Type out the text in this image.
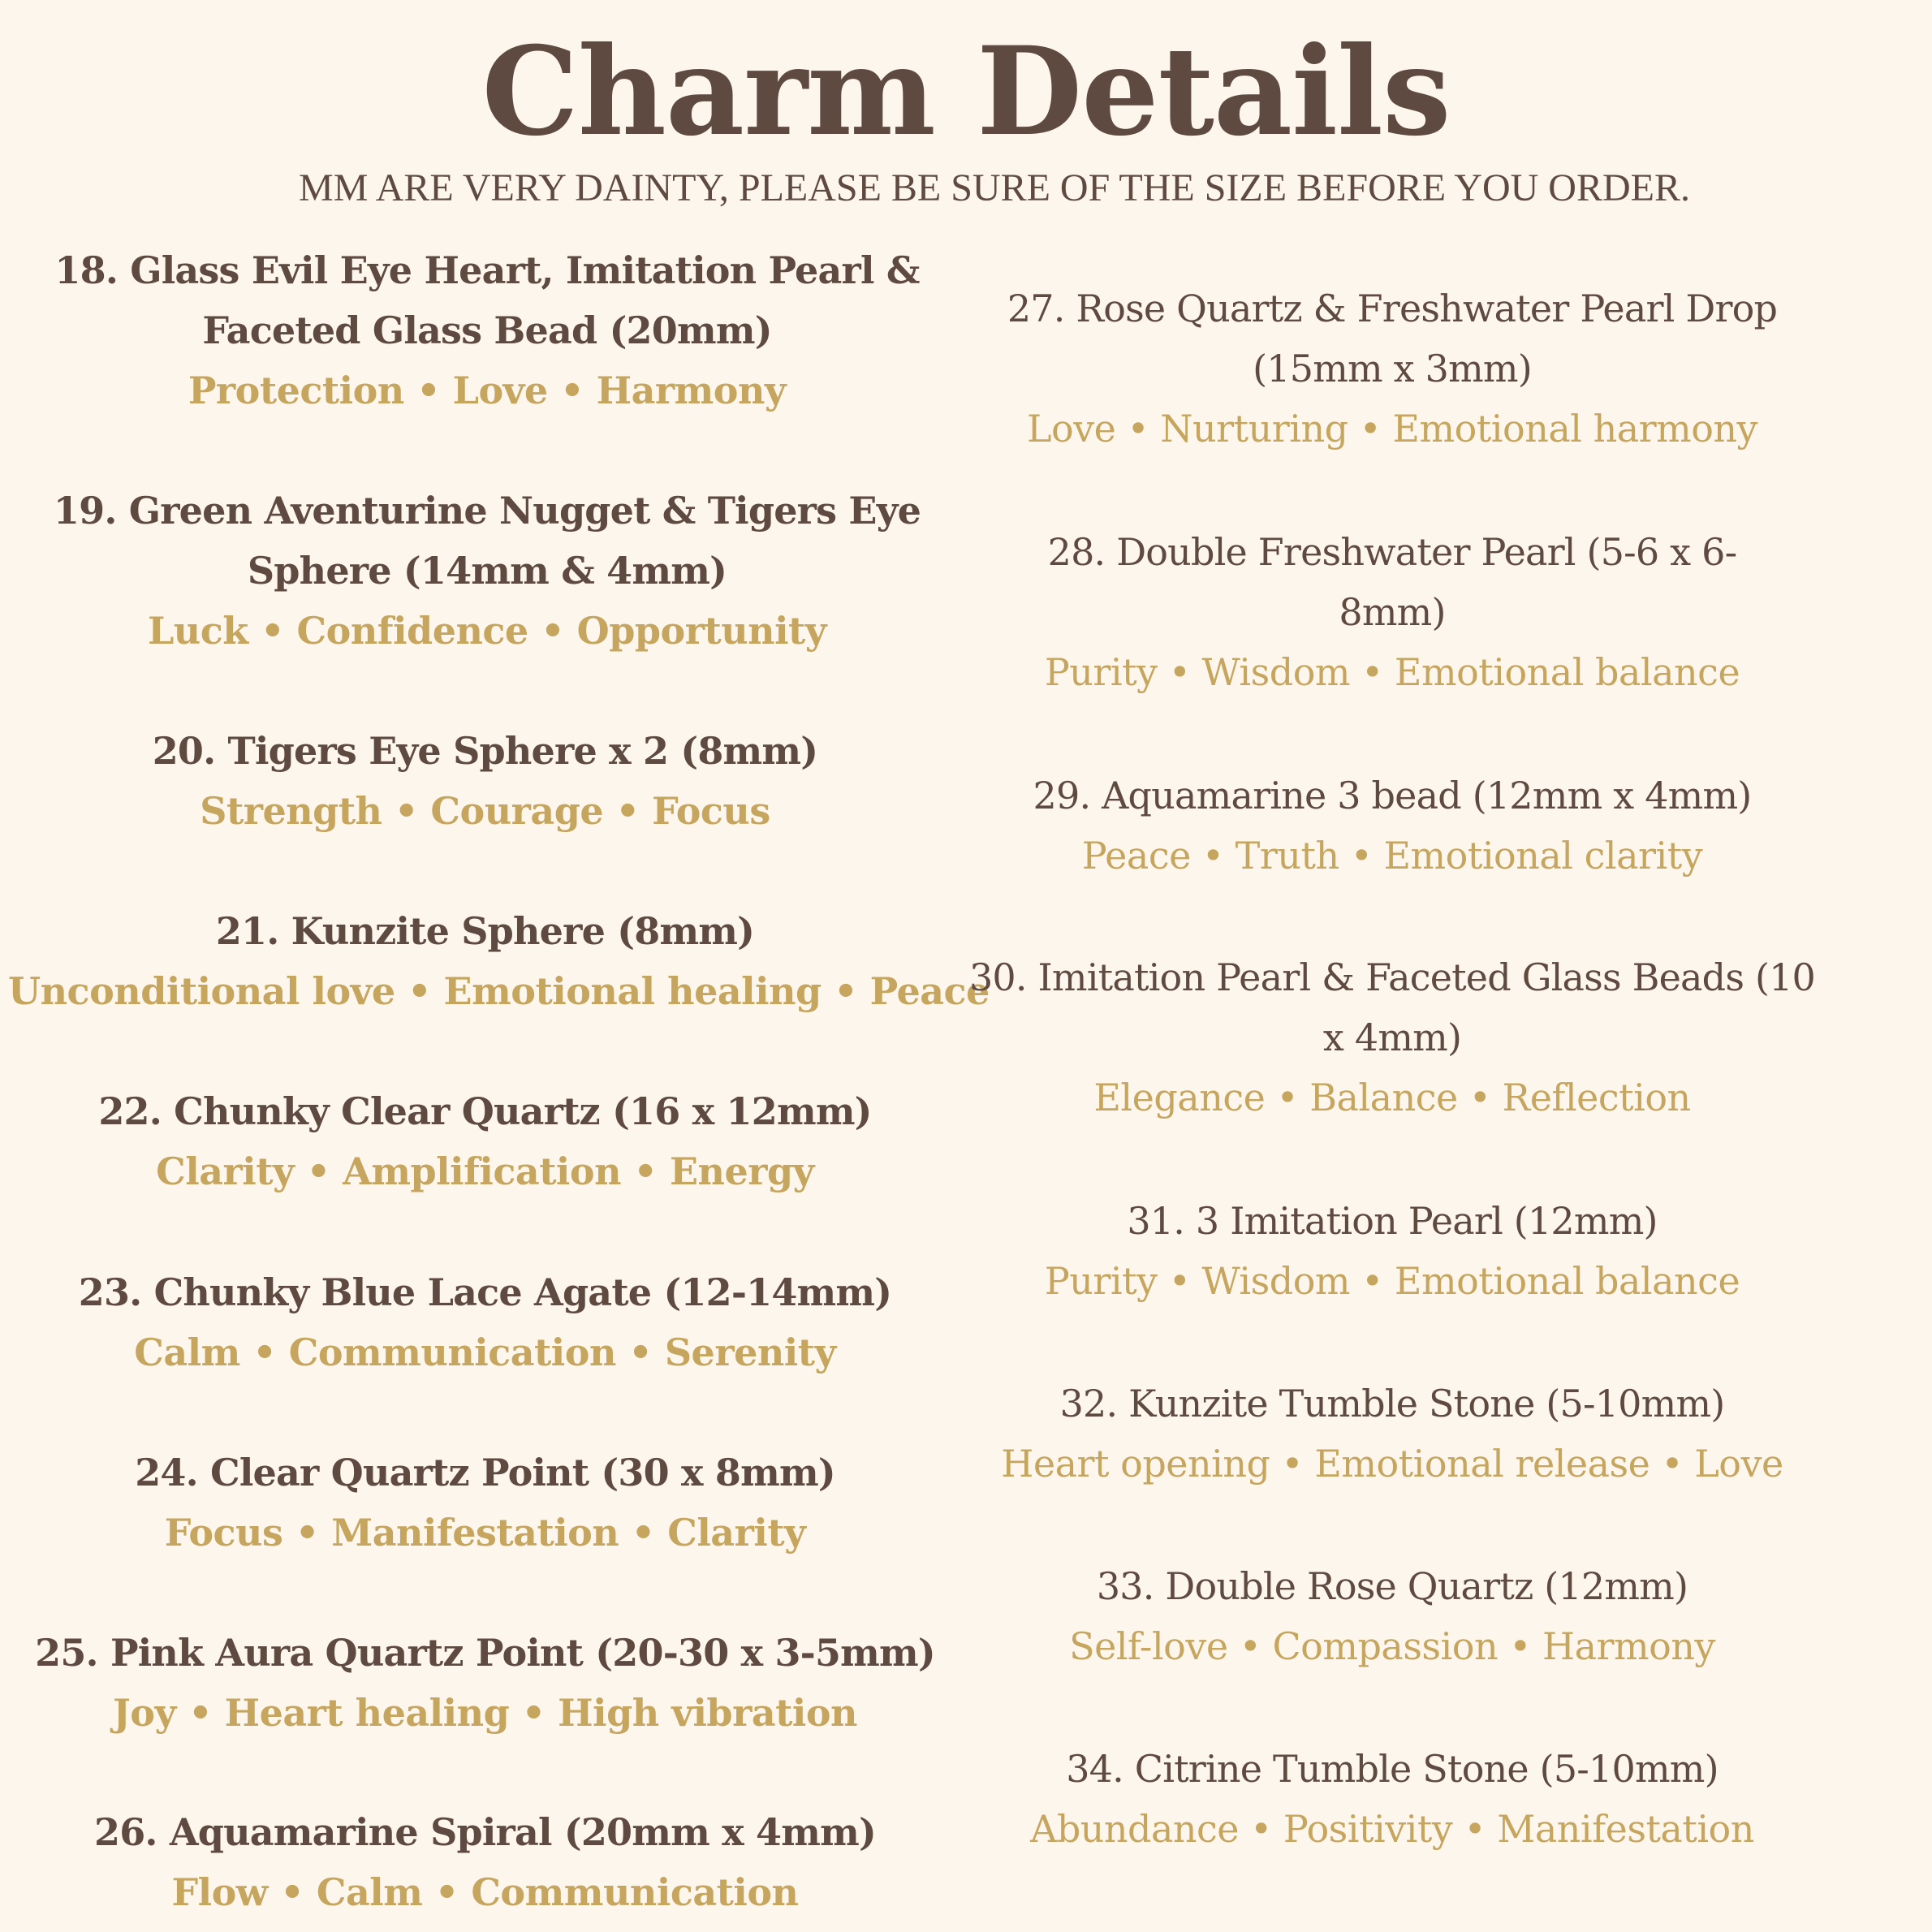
Charm Details
MM ARE VERY DAINTY, PLEASE BE SURE OF THE SIZE BEFORE YOU ORDER.
18. Glass Evil Eye Heart, Imitation Pearl & Faceted Glass Bead (20mm)
Protection • Love • Harmony
19. Green Aventurine Nugget & Tigers Eye Sphere (14mm & 4mm)
Luck • Confidence • Opportunity
20. Tigers Eye Sphere x 2 (8mm)
Strength • Courage • Focus
21. Kunzite Sphere (8mm)
Unconditional love • Emotional healing • Peace
22. Chunky Clear Quartz (16 x 12mm)
Clarity • Amplification • Energy
23. Chunky Blue Lace Agate (12-14mm)
Calm • Communication • Serenity
24. Clear Quartz Point (30 x 8mm)
Focus • Manifestation • Clarity
25. Pink Aura Quartz Point (20-30 x 3-5mm)
Joy • Heart healing • High vibration
26. Aquamarine Spiral (20mm x 4mm)
Flow • Calm • Communication
27. Rose Quartz & Freshwater Pearl Drop (15mm x 3mm)
Love • Nurturing • Emotional harmony
28. Double Freshwater Pearl (5-6 x 6-8mm)
Purity • Wisdom • Emotional balance
29. Aquamarine 3 bead (12mm x 4mm)
Peace • Truth • Emotional clarity
30. Imitation Pearl & Faceted Glass Beads (10 x 4mm)
Elegance • Balance • Reflection
31. 3 Imitation Pearl (12mm)
Purity • Wisdom • Emotional balance
32. Kunzite Tumble Stone (5-10mm)
Heart opening • Emotional release • Love
33. Double Rose Quartz (12mm)
Self-love • Compassion • Harmony
34. Citrine Tumble Stone (5-10mm)
Abundance • Positivity • Manifestation
